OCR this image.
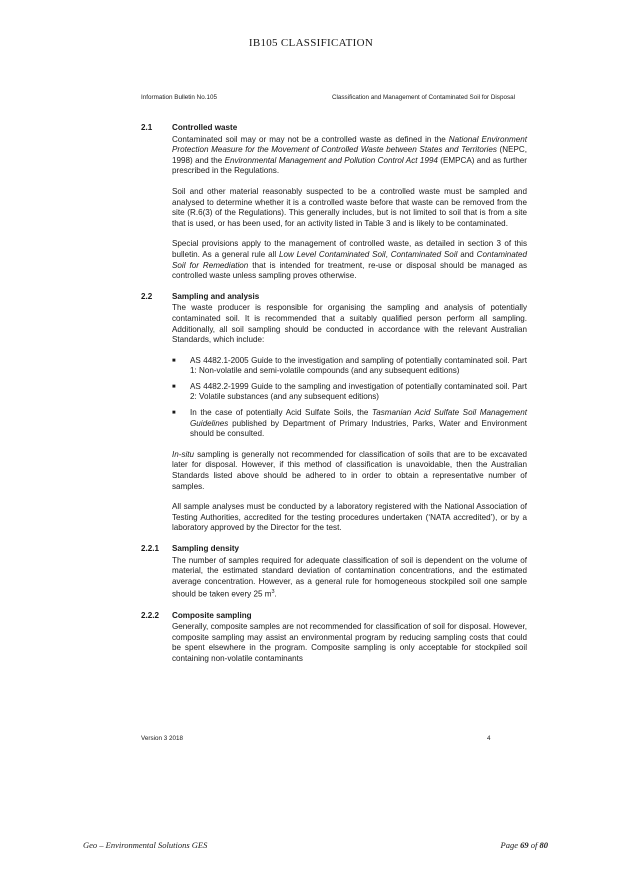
IB105 CLASSIFICATION
Information Bulletin No.105	Classification and Management of Contaminated Soil for Disposal
2.1	Controlled waste

Contaminated soil may or may not be a controlled waste as defined in the National Environment Protection Measure for the Movement of Controlled Waste between States and Territories (NEPC, 1998) and the Environmental Management and Pollution Control Act 1994 (EMPCA) and as further prescribed in the Regulations.

Soil and other material reasonably suspected to be a controlled waste must be sampled and analysed to determine whether it is a controlled waste before that waste can be removed from the site (R.6(3) of the Regulations). This generally includes, but is not limited to soil that is from a site that is used, or has been used, for an activity listed in Table 3 and is likely to be contaminated.

Special provisions apply to the management of controlled waste, as detailed in section 3 of this bulletin. As a general rule all Low Level Contaminated Soil, Contaminated Soil and Contaminated Soil for Remediation that is intended for treatment, re-use or disposal should be managed as controlled waste unless sampling proves otherwise.

2.2	Sampling and analysis

The waste producer is responsible for organising the sampling and analysis of potentially contaminated soil. It is recommended that a suitably qualified person perform all sampling. Additionally, all soil sampling should be conducted in accordance with the relevant Australian Standards, which include:

■	AS 4482.1-2005 Guide to the investigation and sampling of potentially contaminated soil. Part 1: Non-volatile and semi-volatile compounds (and any subsequent editions)
■	AS 4482.2-1999 Guide to the sampling and investigation of potentially contaminated soil. Part 2: Volatile substances (and any subsequent editions)
■	In the case of potentially Acid Sulfate Soils, the Tasmanian Acid Sulfate Soil Management Guidelines published by Department of Primary Industries, Parks, Water and Environment should be consulted.

In-situ sampling is generally not recommended for classification of soils that are to be excavated later for disposal. However, if this method of classification is unavoidable, then the Australian Standards listed above should be adhered to in order to obtain a representative number of samples.

All sample analyses must be conducted by a laboratory registered with the National Association of Testing Authorities, accredited for the testing procedures undertaken (‘NATA accredited’), or by a laboratory approved by the Director for the test.

2.2.1	Sampling density

The number of samples required for adequate classification of soil is dependent on the volume of material, the estimated standard deviation of contamination concentrations, and the estimated average concentration. However, as a general rule for homogeneous stockpiled soil one sample should be taken every 25 $m^3$.

2.2.2	Composite sampling

Generally, composite samples are not recommended for classification of soil for disposal. However, composite sampling may assist an environmental program by reducing sampling costs that could be spent elsewhere in the program. Composite sampling is only acceptable for stockpiled soil containing non-volatile contaminants

Version 3 2018	4
Geo – Environmental Solutions GES	Page 69 of 80
